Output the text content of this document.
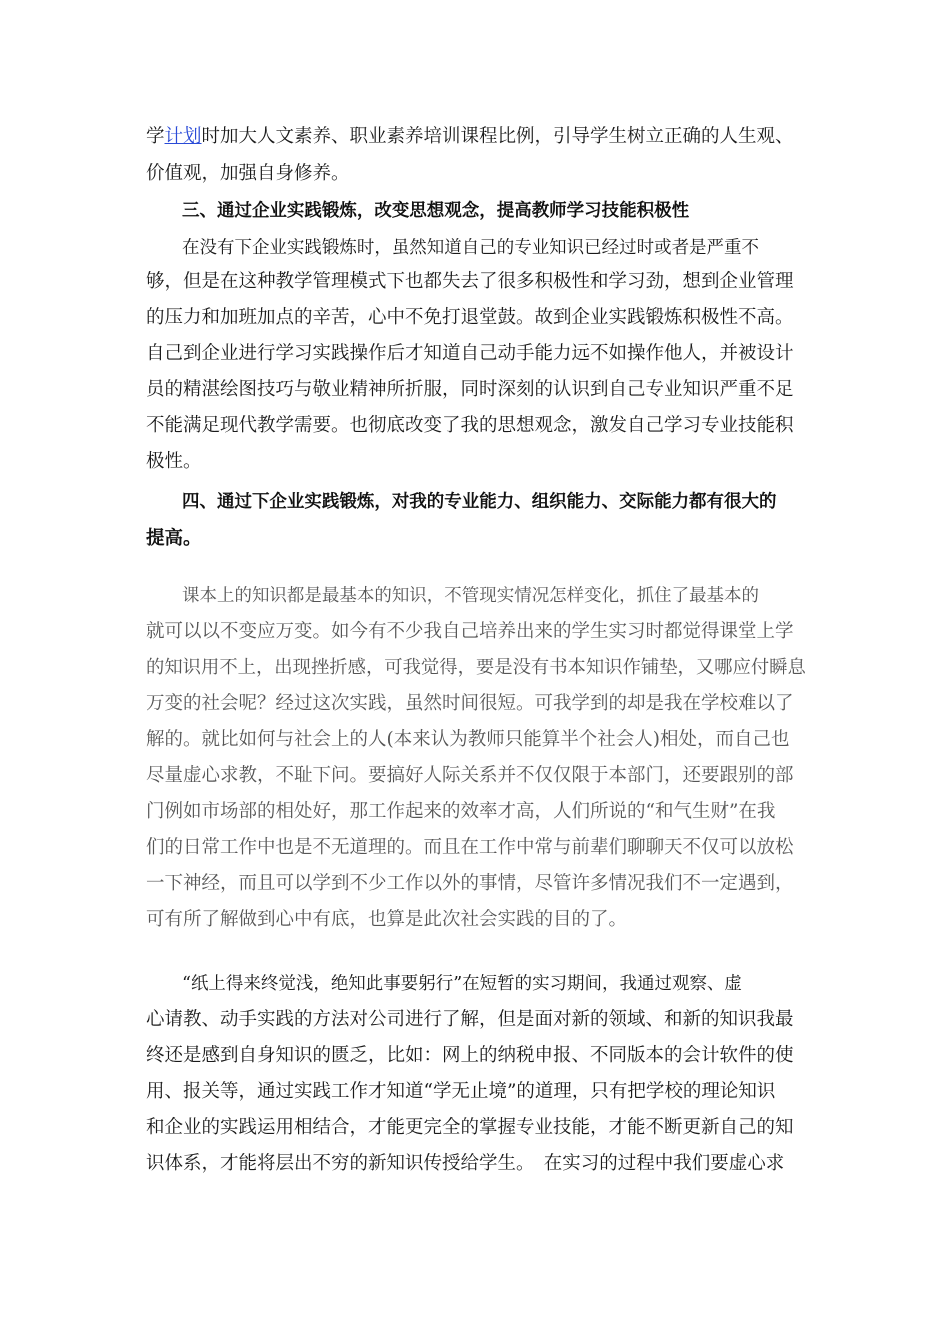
学计划时加大人文素养、职业素养培训课程比例，引导学生树立正确的人生观、
价值观，加强自身修养。
三、通过企业实践锻炼，改变思想观念，提高教师学习技能积极性
在没有下企业实践锻炼时，虽然知道自己的专业知识已经过时或者是严重不
够，但是在这种教学管理模式下也都失去了很多积极性和学习劲，想到企业管理
的压力和加班加点的辛苦，心中不免打退堂鼓。故到企业实践锻炼积极性不高。
自己到企业进行学习实践操作后才知道自己动手能力远不如操作他人，并被设计
员的精湛绘图技巧与敬业精神所折服，同时深刻的认识到自己专业知识严重不足
不能满足现代教学需要。也彻底改变了我的思想观念，激发自己学习专业技能积
极性。
四、通过下企业实践锻炼，对我的专业能力、组织能力、交际能力都有很大的
提高。
课本上的知识都是最基本的知识，不管现实情况怎样变化，抓住了最基本的
就可以以不变应万变。如今有不少我自己培养出来的学生实习时都觉得课堂上学
的知识用不上，出现挫折感，可我觉得，要是没有书本知识作铺垫，又哪应付瞬息
万变的社会呢？经过这次实践，虽然时间很短。可我学到的却是我在学校难以了
解的。就比如何与社会上的人(本来认为教师只能算半个社会人)相处，而自己也
尽量虚心求教，不耻下问。要搞好人际关系并不仅仅限于本部门，还要跟别的部
门例如市场部的相处好，那工作起来的效率才高，人们所说的“和气生财”在我
们的日常工作中也是不无道理的。而且在工作中常与前辈们聊聊天不仅可以放松
一下神经，而且可以学到不少工作以外的事情，尽管许多情况我们不一定遇到，
可有所了解做到心中有底，也算是此次社会实践的目的了。
“纸上得来终觉浅，绝知此事要躬行”在短暂的实习期间，我通过观察、虚
心请教、动手实践的方法对公司进行了解，但是面对新的领域、和新的知识我最
终还是感到自身知识的匮乏，比如：网上的纳税申报、不同版本的会计软件的使
用、报关等，通过实践工作才知道“学无止境”的道理，只有把学校的理论知识
和企业的实践运用相结合，才能更完全的掌握专业技能，才能不断更新自己的知
识体系，才能将层出不穷的新知识传授给学生。　在实习的过程中我们要虚心求
